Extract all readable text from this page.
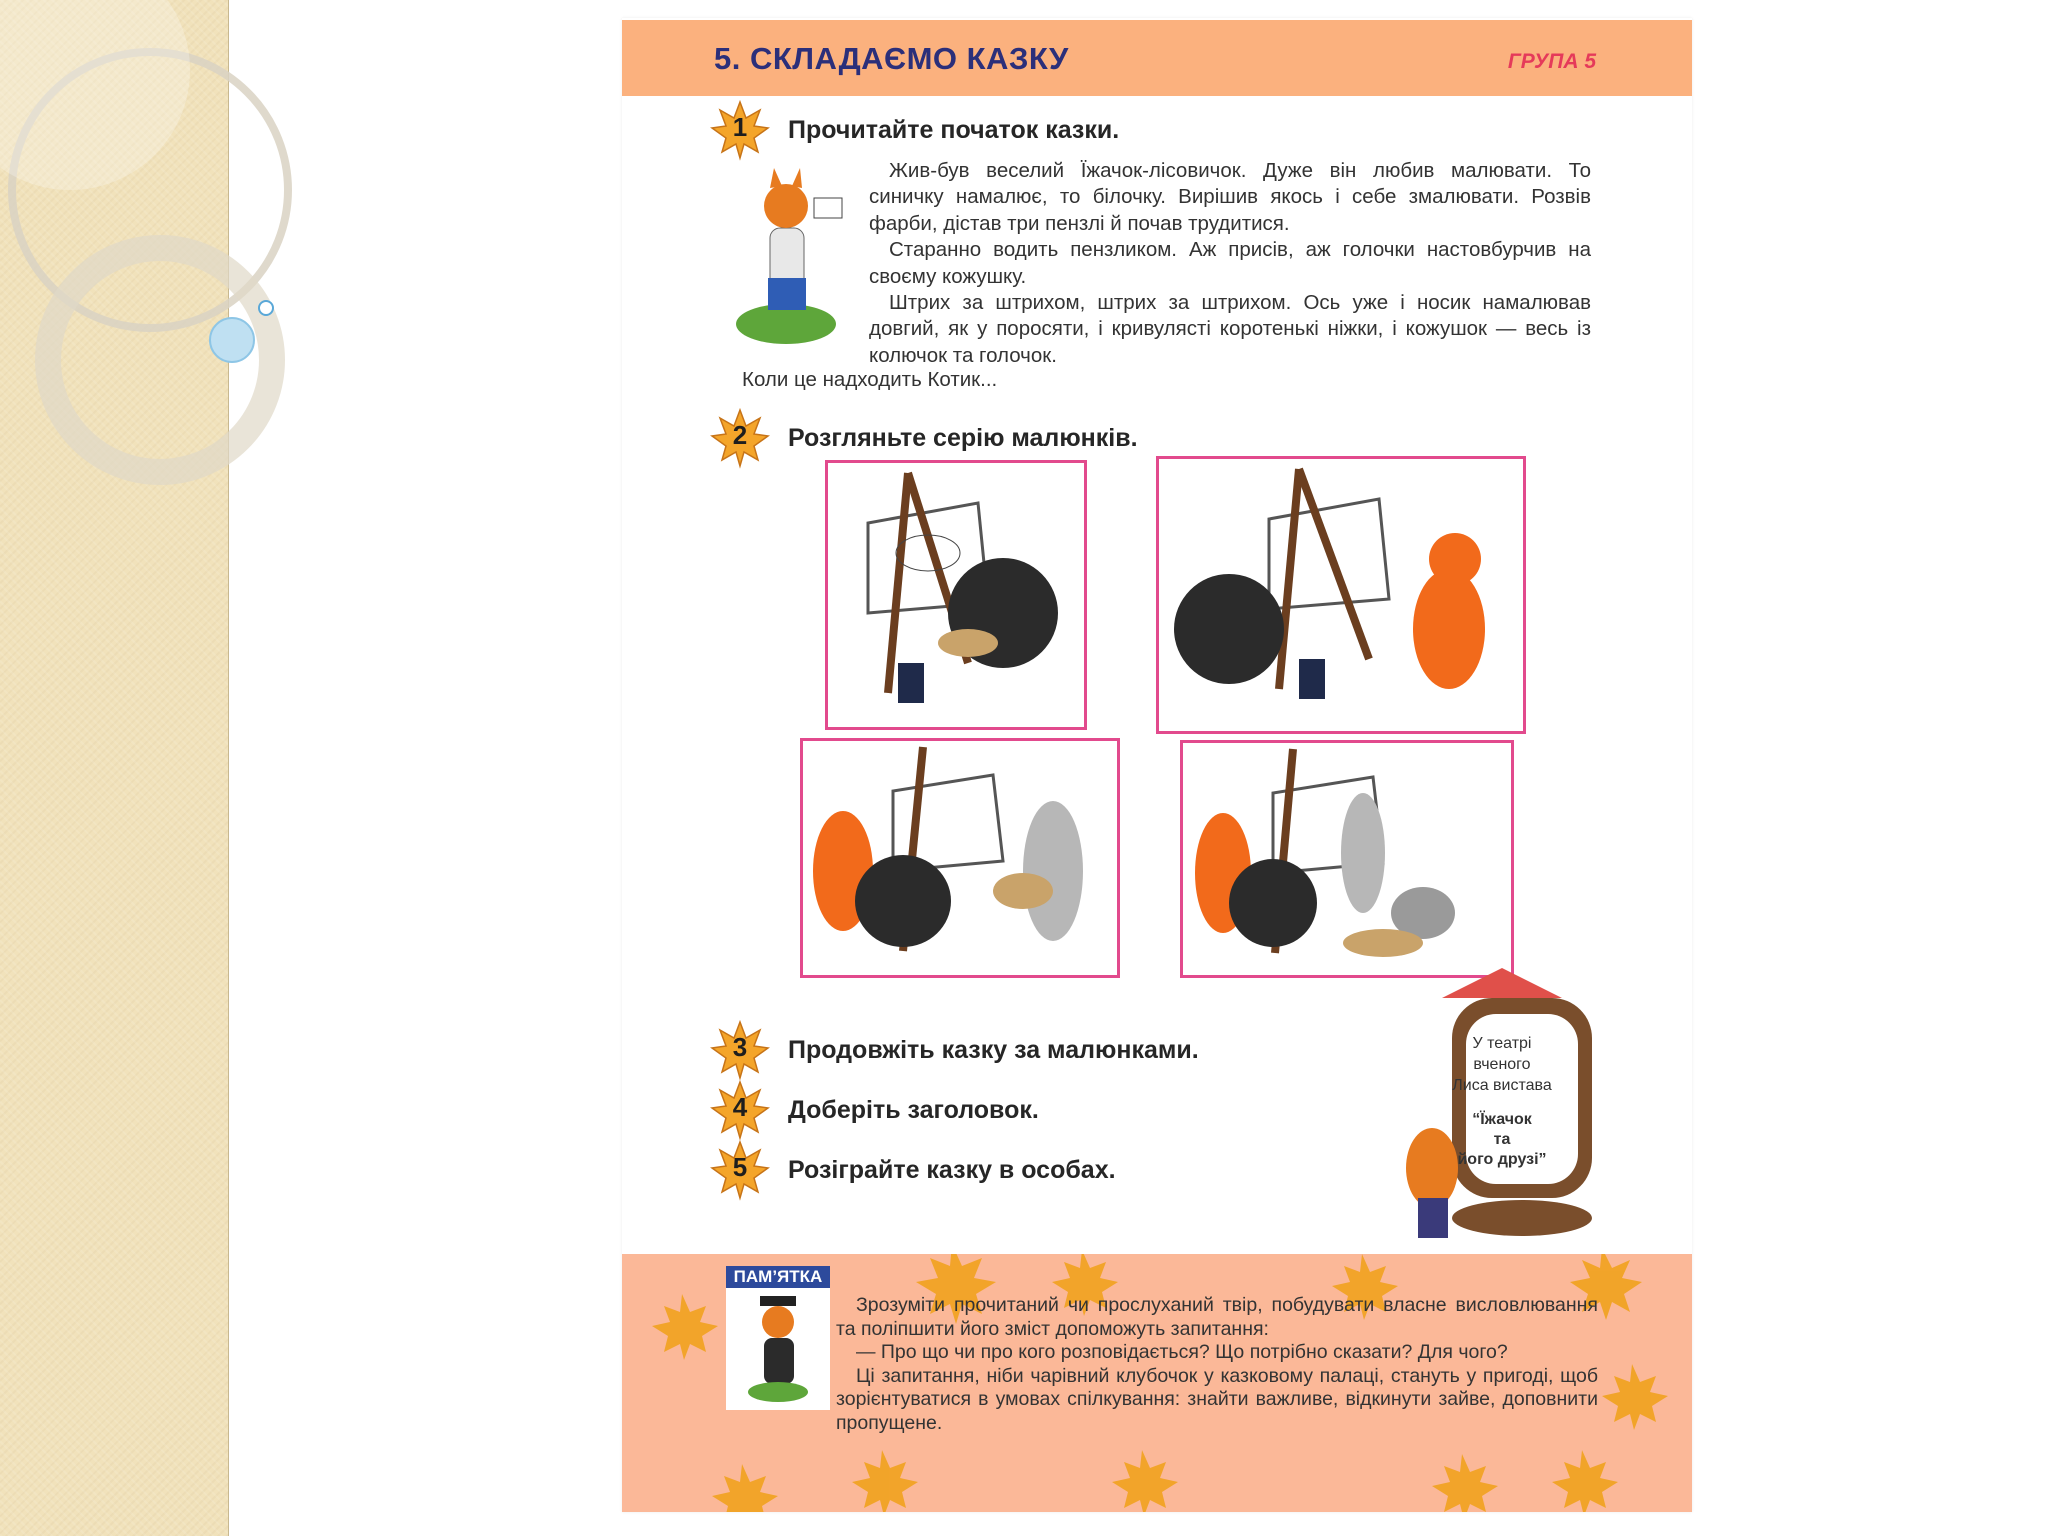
5. СКЛАДАЄМО КАЗКУ	ГРУПА 5
1	Прочитайте початок казки.

Жив-був веселий Їжачок-лісовичок. Дуже він любив малювати. То синичку намалює, то білочку. Вирішив якось і себе змалювати. Розвів фарби, дістав три пензлі й почав трудитися.

Старанно водить пензликом. Аж присів, аж голочки настовбурчив на своєму кожушку.

Штрих за штрихом, штрих за штрихом. Ось уже і носик намалював довгий, як у поросяти, і кривулясті коротенькі ніжки, і кожушок — весь із колючок та голочок.

Коли це надходить Котик...
2	Розгляньте серію малюнків.
3	Продовжіть казку за малюнками.
4	Доберіть заголовок.
5	Розіграйте казку в особах.
У театрі
вченого
Лиса вистава
“Їжачок
та
його друзі”
ПАМ’ЯТКА

Зрозуміти прочитаний чи прослуханий твір, побудувати власне висловлювання та поліпшити його зміст допоможуть запитання:

— Про що чи про кого розповідається? Що потрібно сказати? Для чого?

Ці запитання, ніби чарівний клубочок у казковому палаці, стануть у пригоді, щоб зорієнтуватися в умовах спілкування: знайти важливе, відкинути зайве, доповнити пропущене.
